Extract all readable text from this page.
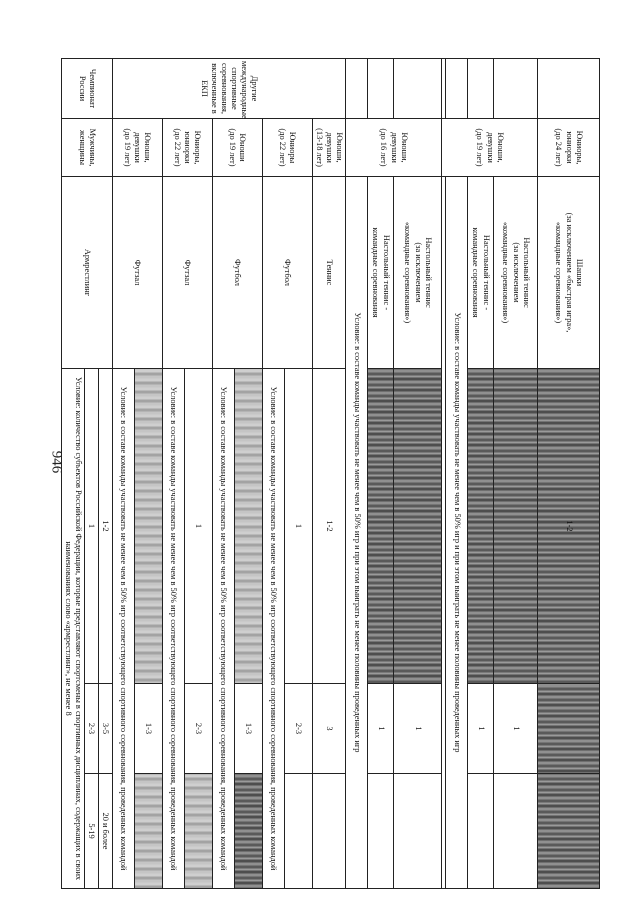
946
	Юниоры, юниорки
(до 24 лет)	Шашки
(за исключением «быстрая игра»,
«командные соревнования»)	1-2		
	Юноши, девушки
(до 19 лет)	Настольный теннис
(за исключением
«командные соревнования»)		1	
		Настольный теннис -
командные соревнования		1	
		Условие: в составе команды участвовать не менее чем в 50% игр и при этом выиграть не менее половины проведенных игр			

	Юноши, девушки
(до 16 лет)	Настольный теннис
(за исключением
«командные соревнования»)		1	
		Настольный теннис -
командные соревнования		1	
		Условие: в составе команды участвовать не менее чем в 50% игр и при этом выиграть не менее половины проведенных игр			
Другие
международные
спортивные
соревнования,
включенные в ЕКП	Юноши, девушки
(13-18 лет)	Теннис	1-2	3	
	Юниоры
(до 22 лет)	Футбол	1	2-3	
			Условие: в составе команды участвовать не менее чем в 50% игр соответствующего спортивного соревнования, проведенных командой		
	Юноши
(до 19 лет)	Футбол		1-3	
			Условие: в составе команды участвовать не менее чем в 50% игр соответствующего спортивного соревнования, проведенных командой		
	Юниоры, юниорки
(до 22 лет)	Футзал	1	2-3	
			Условие: в составе команды участвовать не менее чем в 50% игр соответствующего спортивного соревнования, проведенных командой		
	Юноши, девушки
(до 19 лет)	Футзал		1-3	
			Условие: в составе команды участвовать не менее чем в 50% игр соответствующего спортивного соревнования, проведенных командой		
Чемпионат России	Мужчины,
женщины	Армрестлинг	1-2	3-5	20 и более
			1	2-3	5-19
			Условие: количество субъектов Российской Федерации, которые представляют спортсмены в спортивных дисциплинах, содержащих в своих наименованиях слово «армрестлинг», не менее 8		
